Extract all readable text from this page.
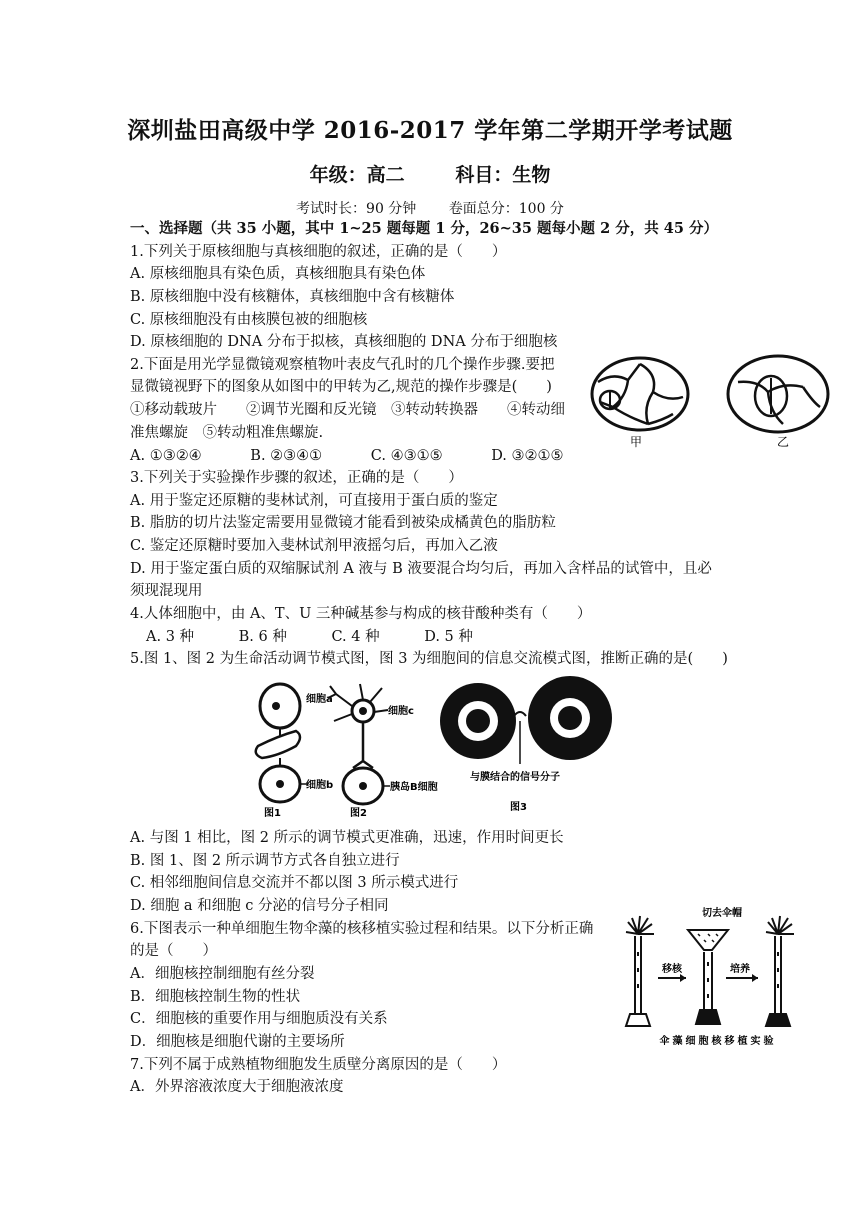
深圳盐田高级中学 2016-2017 学年第二学期开学考试题
年级：高二	科目：生物
考试时长：90 分钟 卷面总分：100 分
一、选择题（共 35 小题，其中 1~25 题每题 1 分，26~35 题每小题 2 分，共 45 分）
1.下列关于原核细胞与真核细胞的叙述，正确的是（　　）
A. 原核细胞具有染色质，真核细胞具有染色体
B. 原核细胞中没有核糖体，真核细胞中含有核糖体
C. 原核细胞没有由核膜包被的细胞核
D. 原核细胞的 DNA 分布于拟核，真核细胞的 DNA 分布于细胞核
2.下面是用光学显微镜观察植物叶表皮气孔时的几个操作步骤.要把
显微镜视野下的图象从如图中的甲转为乙,规范的操作步骤是(　　)
①移动载玻片　　②调节光圈和反光镜　③转动转换器　　④转动细
准焦螺旋　⑤转动粗准焦螺旋.
A. ①③②④	B. ②③④①	C. ④③①⑤	D. ③②①⑤
甲	乙
3.下列关于实验操作步骤的叙述，正确的是（　　）
A. 用于鉴定还原糖的斐林试剂，可直接用于蛋白质的鉴定
B. 脂肪的切片法鉴定需要用显微镜才能看到被染成橘黄色的脂肪粒
C. 鉴定还原糖时要加入斐林试剂甲液摇匀后，再加入乙液
D. 用于鉴定蛋白质的双缩脲试剂 A 液与 B 液要混合均匀后，再加入含样品的试管中，且必
须现混现用
4.人体细胞中，由 A、T、U 三种碱基参与构成的核苷酸种类有（　　）
A. 3 种	B. 6 种	C. 4 种	D. 5 种
5.图 1、图 2 为生命活动调节模式图，图 3 为细胞间的信息交流模式图，推断正确的是(　　)
细胞a
细胞b
图1
细胞c
胰岛B细胞
图2
与膜结合的信号分子
图3
A. 与图 1 相比，图 2 所示的调节模式更准确，迅速，作用时间更长
B. 图 1、图 2 所示调节方式各自独立进行
C. 相邻细胞间信息交流并不都以图 3 所示模式进行
D. 细胞 a 和细胞 c 分泌的信号分子相同
6.下图表示一种单细胞生物伞藻的核移植实验过程和结果。以下分析正确
的是（　　）
A．细胞核控制细胞有丝分裂
B．细胞核控制生物的性状
C．细胞核的重要作用与细胞质没有关系
D．细胞核是细胞代谢的主要场所
切去伞帽
移核	培养
伞藻细胞核移植实验
7.下列不属于成熟植物细胞发生质壁分离原因的是（　　）
A．外界溶液浓度大于细胞液浓度
